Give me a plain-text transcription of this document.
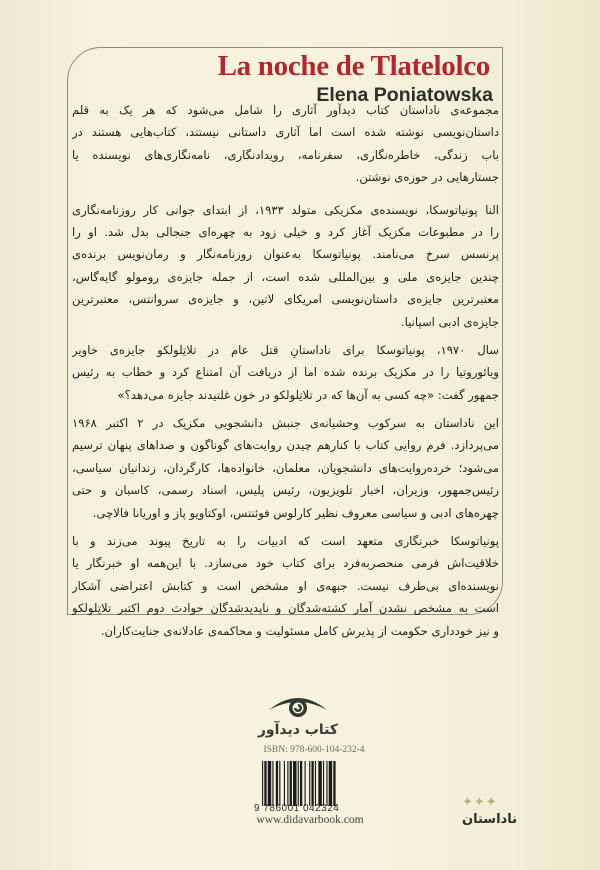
La noche de Tlatelolco
Elena Poniatowska
مجموعه‌ی ناداستان کتاب دیدآور آثاری را شامل می‌شود که هر یک به قلم
داستان‌نویسی نوشته شده است اما آثاری داستانی نیستند، کتاب‌هایی هستند در
باب زندگی، خاطره‌نگاری، سفرنامه، رویدادنگاری، نامه‌نگاری‌های نویسنده یا
جستارهایی در حوزه‌ی نوشتن.
النا پونیاتوسکا، نویسنده‌ی مکزیکی متولد ۱۹۳۳، از ابتدای جوانی کار روزنامه‌نگاری
را در مطبوعات مکزیک آغاز کرد و خیلی زود به چهره‌ای جنجالی بدل شد. او را
پرنسس سرخ می‌نامند. پونیاتوسکا به‌عنوان روزنامه‌نگار و رمان‌نویس برنده‌ی
چندین جایزه‌ی ملی و بین‌المللی شده است، از جمله جایزه‌ی رومولو گایه‌گاس،
معتبرترین جایزه‌ی داستان‌نویسی امریکای لاتین، و جایزه‌ی سروانتس، معتبرترین
جایزه‌ی ادبی اسپانیا.
سال ۱۹۷۰، پونیاتوسکا برای ناداستانِ قتل عام در تلاتِلولکو جایزه‌ی خاویر
ویائوروتیا را در مکزیک برنده شده اما از دریافت آن امتناع کرد و خطاب به رئیس
جمهور گفت: «چه کسی به آن‌ها که در تلاتِلولکو در خون غلتیدند جایزه می‌دهد؟»
این ناداستان به سرکوب وحشیانه‌ی جنبش دانشجویی مکزیک در ۲ اکتبر ۱۹۶۸
می‌پردازد. فرم روایی کتاب با کنارهم چیدن روایت‌های گوناگون و صداهای پنهان ترسیم
می‌شود؛ خرده‌روایت‌های دانشجویان، معلمان، خانواده‌ها، کارگردان، زندانیان سیاسی،
رئیس‌جمهور، وزیران، اخبار تلویزیون، رئیس پلیس، اسناد رسمی، کاسبان و حتی
چهره‌های ادبی و سیاسی معروف نظیر کارلوس فوئنتس، اوکتاویو پاز و اوریانا فالاچی.
پونیاتوسکا خبرنگاری متعهد است که ادبیات را به تاریخ پیوند می‌زند و با
خلاقیت‌اش فرمی منحصربه‌فرد برای کتاب خود می‌سازد. با این‌همه او خبرنگار یا
نویسنده‌ای بی‌طرف نیست. جبهه‌ی او مشخص است و کتابش اعتراضی آشکار
است به مشخص نشدن آمار کشته‌شدگان و ناپدیدشدگان حوادث دوم اکتبر تلاتِلولکو
و نیز خودداری حکومت از پذیرش کامل مسئولیت و محاکمه‌ی عادلانه‌ی جنایت‌کاران.
کتاب دیدآور
ISBN: 978-600-104-232-4
9 786001 042324
www.didavarbook.com
✦✦✦
ناداستان
